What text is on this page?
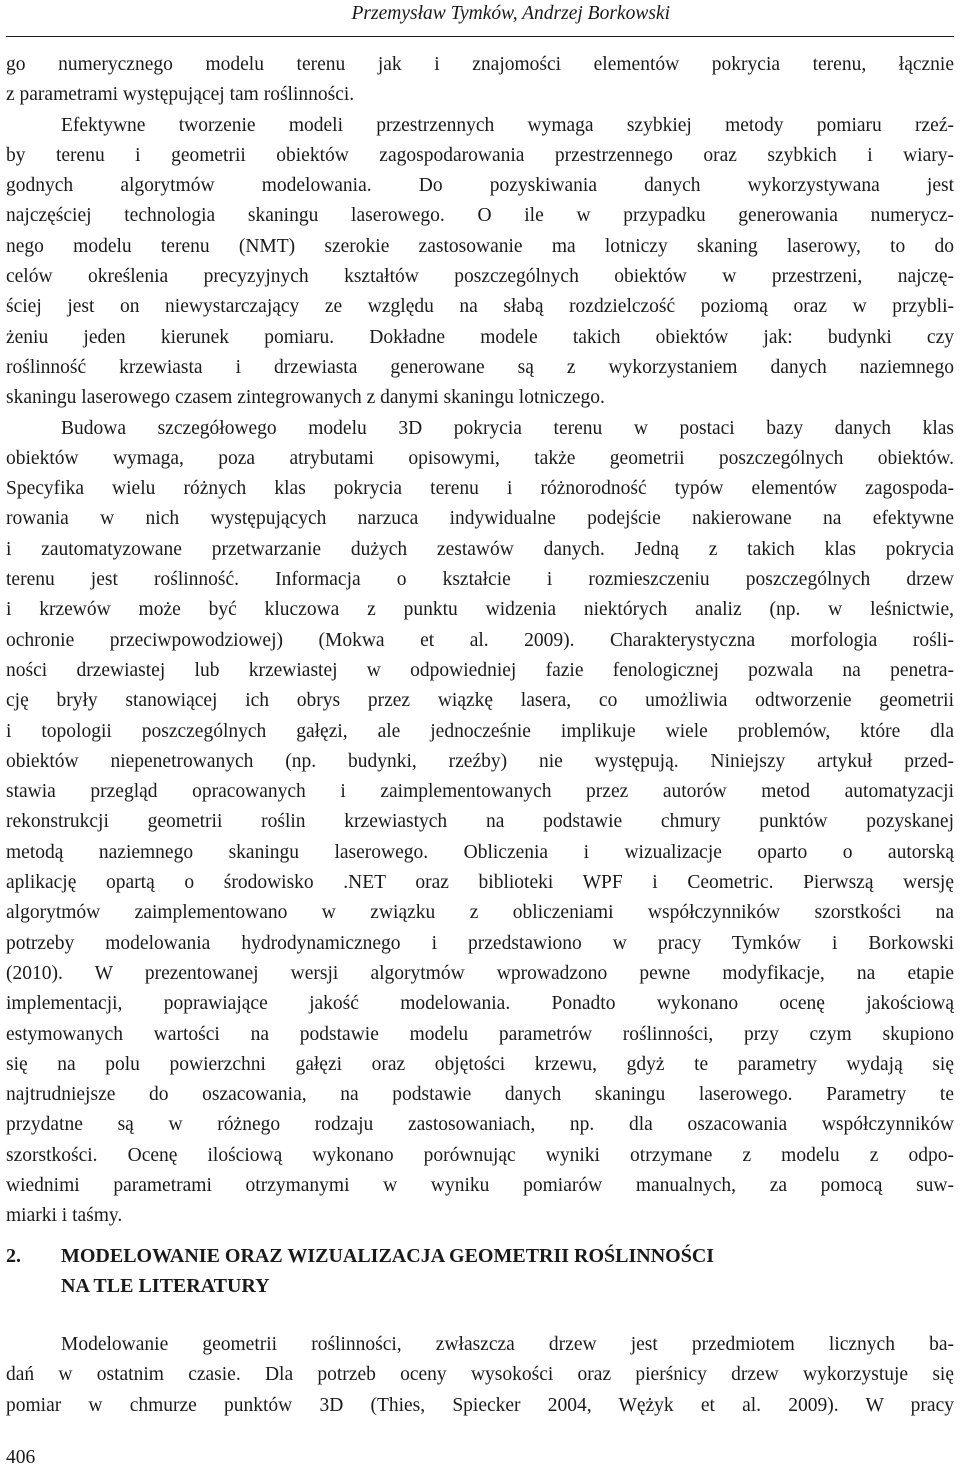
Przemysław Tymków, Andrzej Borkowski
go numerycznego modelu terenu jak i znajomości elementów pokrycia terenu, łącznie
z parametrami występującej tam roślinności.
Efektywne tworzenie modeli przestrzennych wymaga szybkiej metody pomiaru rzeź-
by terenu i geometrii obiektów zagospodarowania przestrzennego oraz szybkich i wiary-
godnych algorytmów modelowania. Do pozyskiwania danych wykorzystywana jest
najczęściej technologia skaningu laserowego. O ile w przypadku generowania numerycz-
nego modelu terenu (NMT) szerokie zastosowanie ma lotniczy skaning laserowy, to do
celów określenia precyzyjnych kształtów poszczególnych obiektów w przestrzeni, najczę-
ściej jest on niewystarczający ze względu na słabą rozdzielczość poziomą oraz w przybli-
żeniu jeden kierunek pomiaru. Dokładne modele takich obiektów jak: budynki czy
roślinność krzewiasta i drzewiasta generowane są z wykorzystaniem danych naziemnego
skaningu laserowego czasem zintegrowanych z danymi skaningu lotniczego.
Budowa szczegółowego modelu 3D pokrycia terenu w postaci bazy danych klas
obiektów wymaga, poza atrybutami opisowymi, także geometrii poszczególnych obiektów.
Specyfika wielu różnych klas pokrycia terenu i różnorodność typów elementów zagospoda-
rowania w nich występujących narzuca indywidualne podejście nakierowane na efektywne
i zautomatyzowane przetwarzanie dużych zestawów danych. Jedną z takich klas pokrycia
terenu jest roślinność. Informacja o kształcie i rozmieszczeniu poszczególnych drzew
i krzewów może być kluczowa z punktu widzenia niektórych analiz (np. w leśnictwie,
ochronie przeciwpowodziowej) (Mokwa et al. 2009). Charakterystyczna morfologia rośli-
ności drzewiastej lub krzewiastej w odpowiedniej fazie fenologicznej pozwala na penetra-
cję bryły stanowiącej ich obrys przez wiązkę lasera, co umożliwia odtworzenie geometrii
i topologii poszczególnych gałęzi, ale jednocześnie implikuje wiele problemów, które dla
obiektów niepenetrowanych (np. budynki, rzeźby) nie występują. Niniejszy artykuł przed-
stawia przegląd opracowanych i zaimplementowanych przez autorów metod automatyzacji
rekonstrukcji geometrii roślin krzewiastych na podstawie chmury punktów pozyskanej
metodą naziemnego skaningu laserowego. Obliczenia i wizualizacje oparto o autorską
aplikację opartą o środowisko .NET oraz biblioteki WPF i Ceometric. Pierwszą wersję
algorytmów zaimplementowano w związku z obliczeniami współczynników szorstkości na
potrzeby modelowania hydrodynamicznego i przedstawiono w pracy Tymków i Borkowski
(2010). W prezentowanej wersji algorytmów wprowadzono pewne modyfikacje, na etapie
implementacji, poprawiające jakość modelowania. Ponadto wykonano ocenę jakościową
estymowanych wartości na podstawie modelu parametrów roślinności, przy czym skupiono
się na polu powierzchni gałęzi oraz objętości krzewu, gdyż te parametry wydają się
najtrudniejsze do oszacowania, na podstawie danych skaningu laserowego. Parametry te
przydatne są w różnego rodzaju zastosowaniach, np. dla oszacowania współczynników
szorstkości. Ocenę ilościową wykonano porównując wyniki otrzymane z modelu z odpo-
wiednimi parametrami otrzymanymi w wyniku pomiarów manualnych, za pomocą suw-
miarki i taśmy.
2. MODELOWANIE ORAZ WIZUALIZACJA GEOMETRII ROŚLINNOŚCI
NA TLE LITERATURY
Modelowanie geometrii roślinności, zwłaszcza drzew jest przedmiotem licznych ba-
dań w ostatnim czasie. Dla potrzeb oceny wysokości oraz pierśnicy drzew wykorzystuje się
pomiar w chmurze punktów 3D (Thies, Spiecker 2004, Wężyk et al. 2009). W pracy
406
